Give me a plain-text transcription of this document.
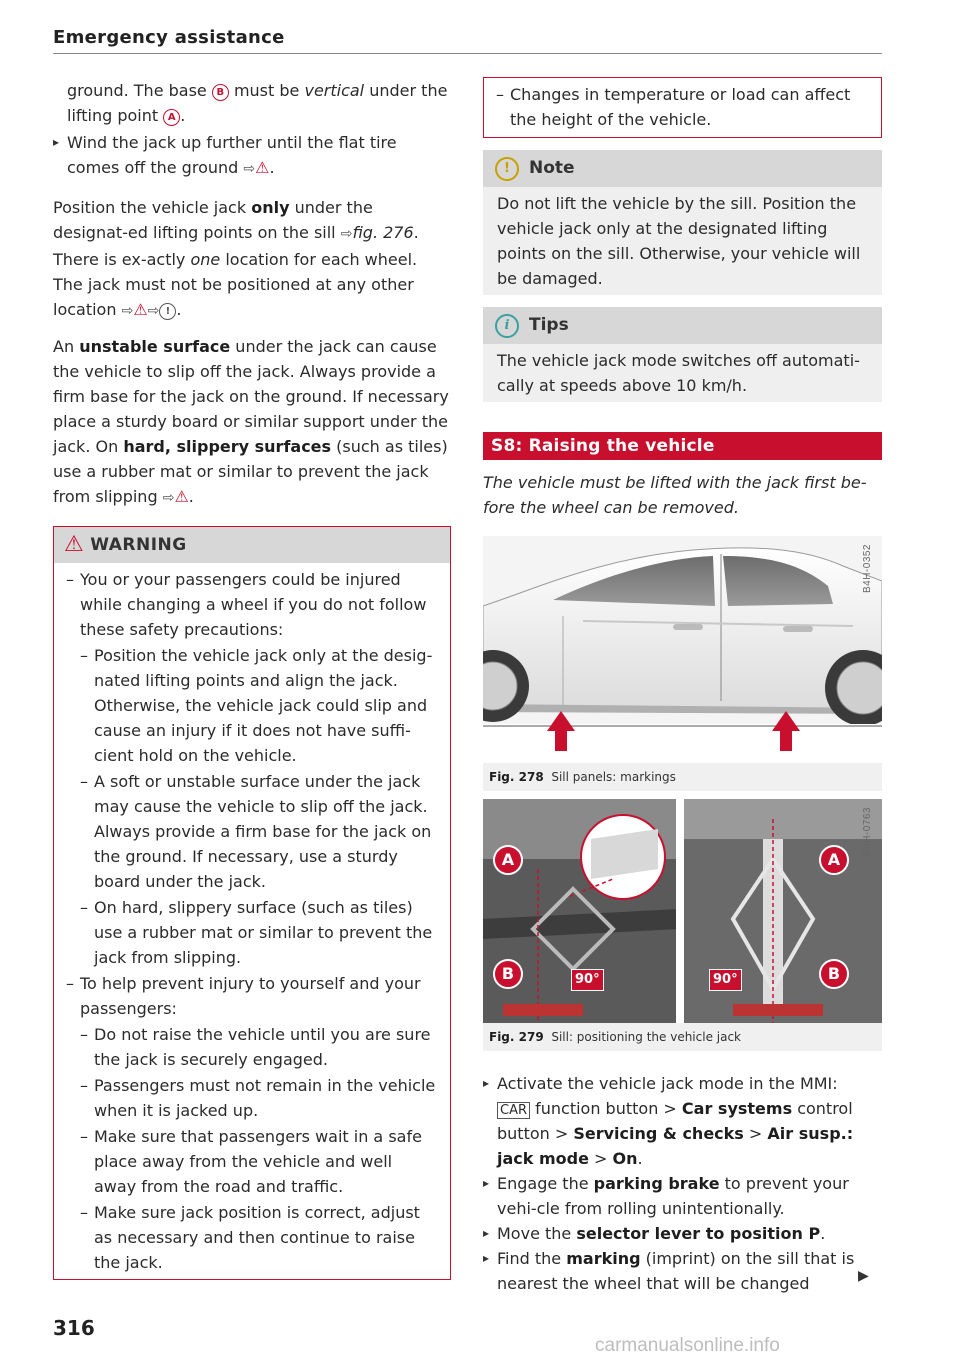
Emergency assistance

ground. The base B must be vertical under the lifting point A .

▸ Wind the jack up further until the flat tire comes off the ground ⇨⚠.

Position the vehicle jack only under the designat-ed lifting points on the sill ⇨fig. 276. There is ex-actly one location for each wheel. The jack must not be positioned at any other location ⇨⚠⇨ ! .

An unstable surface under the jack can cause the vehicle to slip off the jack. Always provide a firm base for the jack on the ground. If necessary place a sturdy board or similar support under the jack. On hard, slippery surfaces (such as tiles) use a rubber mat or similar to prevent the jack from slipping ⇨⚠.

⚠ WARNING

– You or your passengers could be injured while changing a wheel if you do not follow these safety precautions:

– Position the vehicle jack only at the desig-nated lifting points and align the jack. Otherwise, the vehicle jack could slip and cause an injury if it does not have suffi-cient hold on the vehicle.

– A soft or unstable surface under the jack may cause the vehicle to slip off the jack. Always provide a firm base for the jack on the ground. If necessary, use a sturdy board under the jack.

– On hard, slippery surface (such as tiles) use a rubber mat or similar to prevent the jack from slipping.

– To help prevent injury to yourself and your passengers:

– Do not raise the vehicle until you are sure the jack is securely engaged.

– Passengers must not remain in the vehicle when it is jacked up.

– Make sure that passengers wait in a safe place away from the vehicle and well away from the road and traffic.

– Make sure jack position is correct, adjust as necessary and then continue to raise the jack.

– Changes in temperature or load can affect the height of the vehicle.

! Note
Do not lift the vehicle by the sill. Position the vehicle jack only at the designated lifting points on the sill. Otherwise, your vehicle will be damaged.
i Tips
The vehicle jack mode switches off automati-cally at speeds above 10 km/h.
S8: Raising the vehicle

The vehicle must be lifted with the jack first be-fore the wheel can be removed.

B4H-0352
Fig. 278 Sill panels: markings
A
B
A
B
90°	90°
B4H-0763
Fig. 279 Sill: positioning the vehicle jack

▸ Activate the vehicle jack mode in the MMI:
CAR function button > Car systems control button > Servicing & checks > Air susp.: jack mode > On.

▸ Engage the parking brake to prevent your vehi-cle from rolling unintentionally.

▸ Move the selector lever to position P.

▸ Find the marking (imprint) on the sill that is nearest the wheel that will be changed	▶
316
carmanualsonline.info
